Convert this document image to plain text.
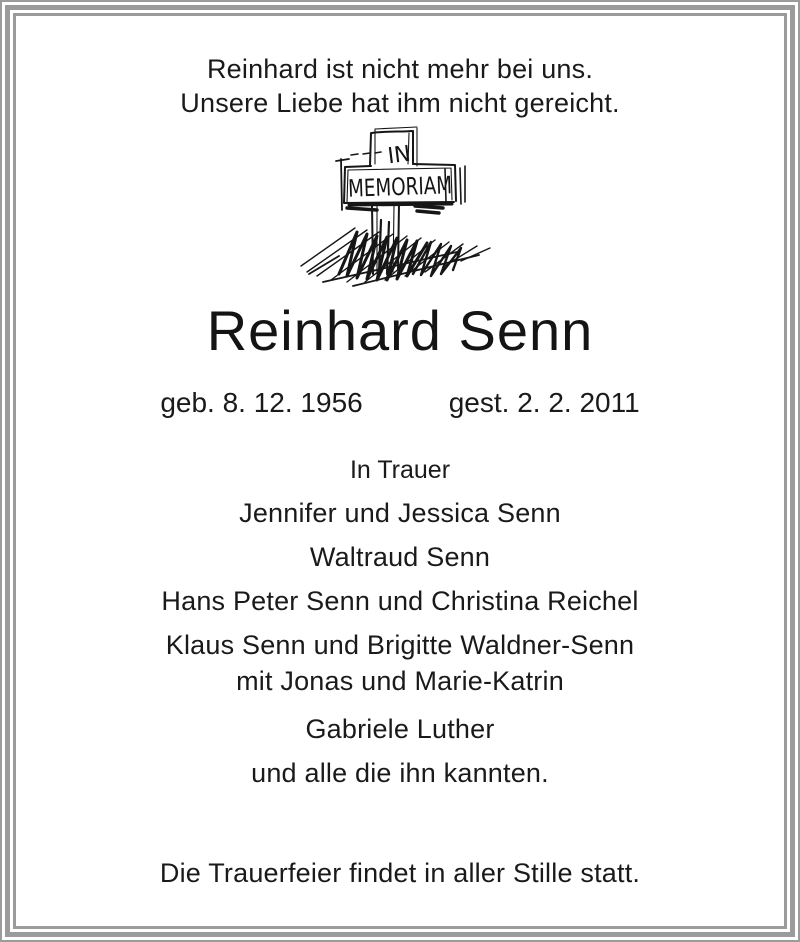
Reinhard ist nicht mehr bei uns.
Unsere Liebe hat ihm nicht gereicht.
IN
MEMORIAM
Reinhard Senn
geb. 8. 12. 1956	gest. 2. 2. 2011
In Trauer
Jennifer und Jessica Senn
Waltraud Senn
Hans Peter Senn und Christina Reichel
Klaus Senn und Brigitte Waldner-Senn
mit Jonas und Marie-Katrin
Gabriele Luther
und alle die ihn kannten.
Die Trauerfeier findet in aller Stille statt.
